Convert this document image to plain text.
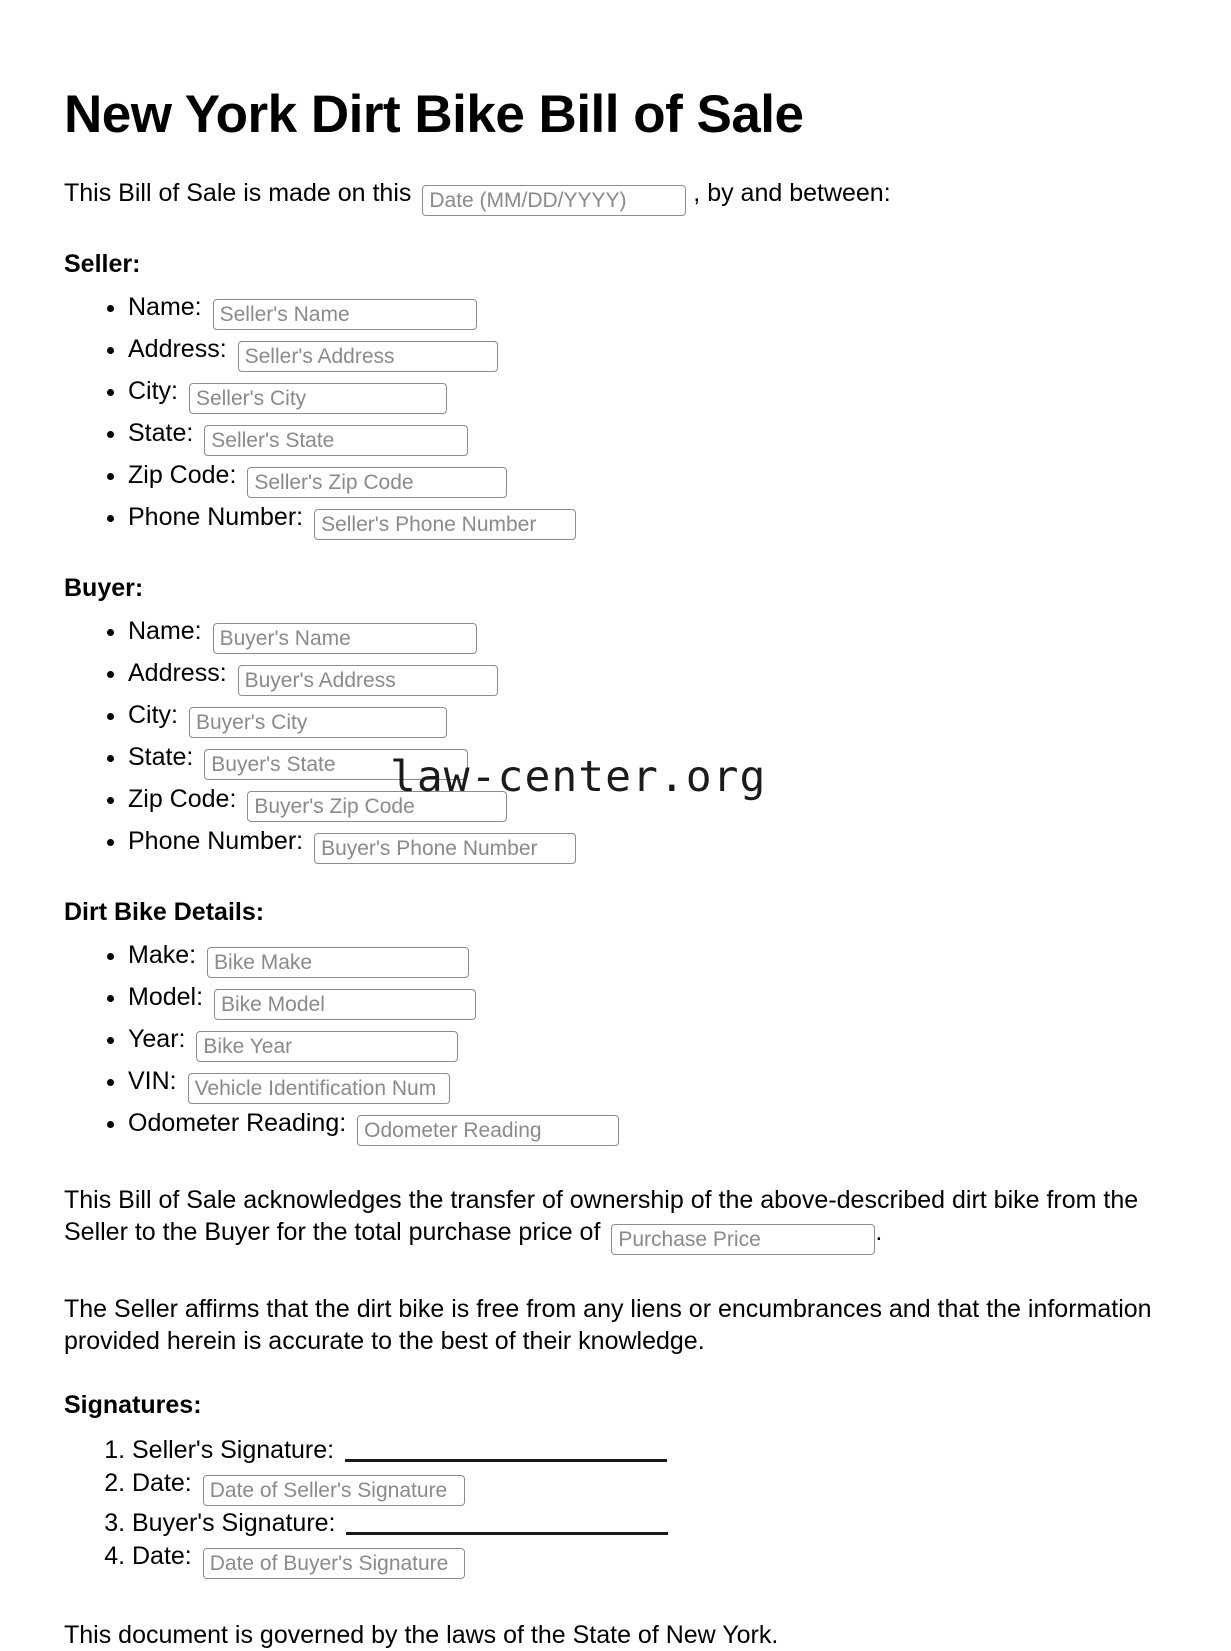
New York Dirt Bike Bill of Sale

This Bill of Sale is made on this Date (MM/DD/YYYY)	, by and between:

Seller:
• Name: Seller's Name
• Address: Seller's Address
• City: Seller's City
• State: Seller's State
• Zip Code: Seller's Zip Code
• Phone Number: Seller's Phone Number
Buyer:
• Name: Buyer's Name
• Address: Buyer's Address
• City: Buyer's City
• State: Buyer's State
• Zip Code: Buyer's Zip Code
• Phone Number: Buyer's Phone Number
Dirt Bike Details:
• Make: Bike Make
• Model: Bike Model
• Year: Bike Year
• VIN: Vehicle Identification Num
• Odometer Reading: Odometer Reading

This Bill of Sale acknowledges the transfer of ownership of the above-described dirt bike from the Seller to the Buyer for the total purchase price of Purchase Price	.

The Seller affirms that the dirt bike is free from any liens or encumbrances and that the information provided herein is accurate to the best of their knowledge.

Signatures:
1. Seller's Signature:
2. Date: Date of Seller's Signature
3. Buyer's Signature:
4. Date: Date of Buyer's Signature

This document is governed by the laws of the State of New York.

law-center.org
